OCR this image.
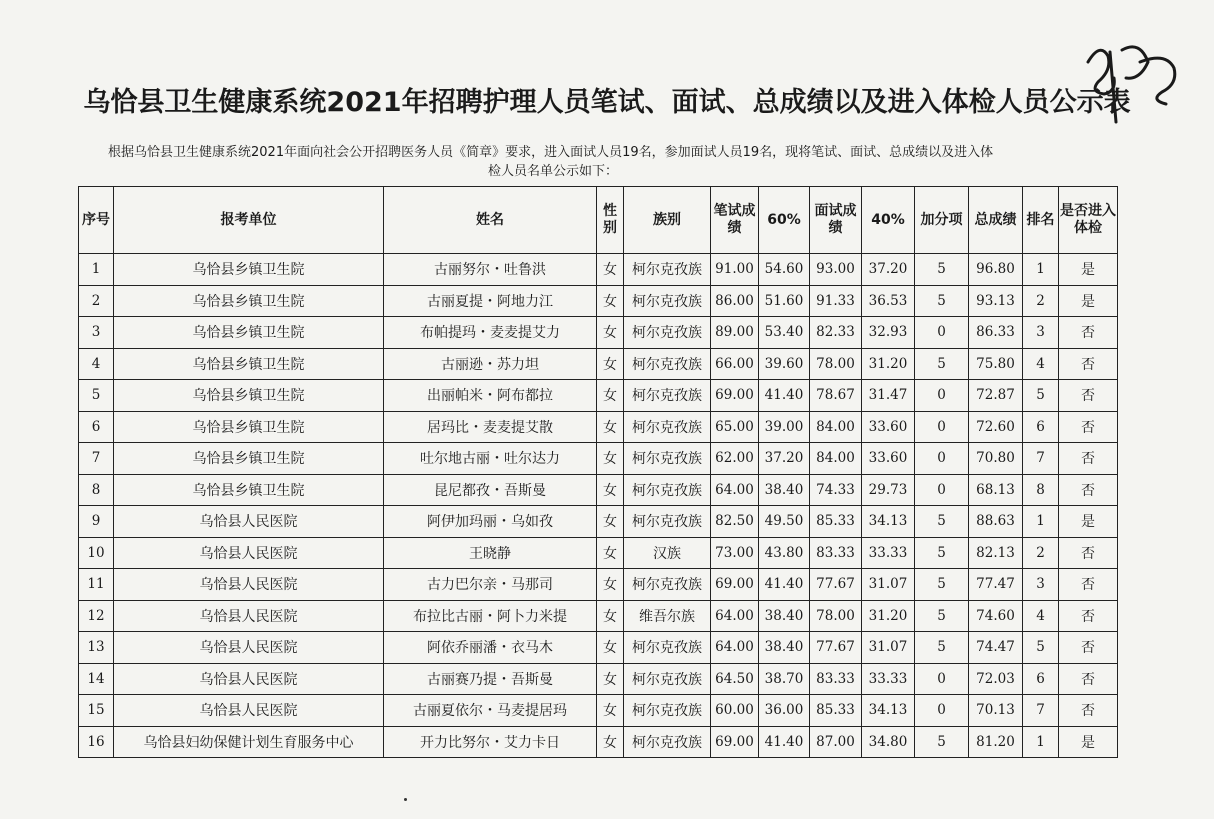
乌恰县卫生健康系统2021年招聘护理人员笔试、面试、总成绩以及进入体检人员公示表
根据乌恰县卫生健康系统2021年面向社会公开招聘医务人员《简章》要求，进入面试人员19名，参加面试人员19名，现将笔试、面试、总成绩以及进入体
检人员名单公示如下：
序号	报考单位	姓名	性别	族别	笔试成绩	60%	面试成绩	40%	加分项	总成绩	排名	是否进入体检
1	乌恰县乡镇卫生院	古丽努尔・吐鲁洪	女	柯尔克孜族	91.00	54.60	93.00	37.20	5	96.80	1	是
2	乌恰县乡镇卫生院	古丽夏提・阿地力江	女	柯尔克孜族	86.00	51.60	91.33	36.53	5	93.13	2	是
3	乌恰县乡镇卫生院	布帕提玛・麦麦提艾力	女	柯尔克孜族	89.00	53.40	82.33	32.93	0	86.33	3	否
4	乌恰县乡镇卫生院	古丽逊・苏力坦	女	柯尔克孜族	66.00	39.60	78.00	31.20	5	75.80	4	否
5	乌恰县乡镇卫生院	出丽帕米・阿布都拉	女	柯尔克孜族	69.00	41.40	78.67	31.47	0	72.87	5	否
6	乌恰县乡镇卫生院	居玛比・麦麦提艾散	女	柯尔克孜族	65.00	39.00	84.00	33.60	0	72.60	6	否
7	乌恰县乡镇卫生院	吐尔地古丽・吐尔达力	女	柯尔克孜族	62.00	37.20	84.00	33.60	0	70.80	7	否
8	乌恰县乡镇卫生院	昆尼都孜・吾斯曼	女	柯尔克孜族	64.00	38.40	74.33	29.73	0	68.13	8	否
9	乌恰县人民医院	阿伊加玛丽・乌如孜	女	柯尔克孜族	82.50	49.50	85.33	34.13	5	88.63	1	是
10	乌恰县人民医院	王晓静	女	汉族	73.00	43.80	83.33	33.33	5	82.13	2	否
11	乌恰县人民医院	古力巴尔亲・马那司	女	柯尔克孜族	69.00	41.40	77.67	31.07	5	77.47	3	否
12	乌恰县人民医院	布拉比古丽・阿卜力米提	女	维吾尔族	64.00	38.40	78.00	31.20	5	74.60	4	否
13	乌恰县人民医院	阿依乔丽潘・衣马木	女	柯尔克孜族	64.00	38.40	77.67	31.07	5	74.47	5	否
14	乌恰县人民医院	古丽赛乃提・吾斯曼	女	柯尔克孜族	64.50	38.70	83.33	33.33	0	72.03	6	否
15	乌恰县人民医院	古丽夏依尔・马麦提居玛	女	柯尔克孜族	60.00	36.00	85.33	34.13	0	70.13	7	否
16	乌恰县妇幼保健计划生育服务中心	开力比努尔・艾力卡日	女	柯尔克孜族	69.00	41.40	87.00	34.80	5	81.20	1	是
